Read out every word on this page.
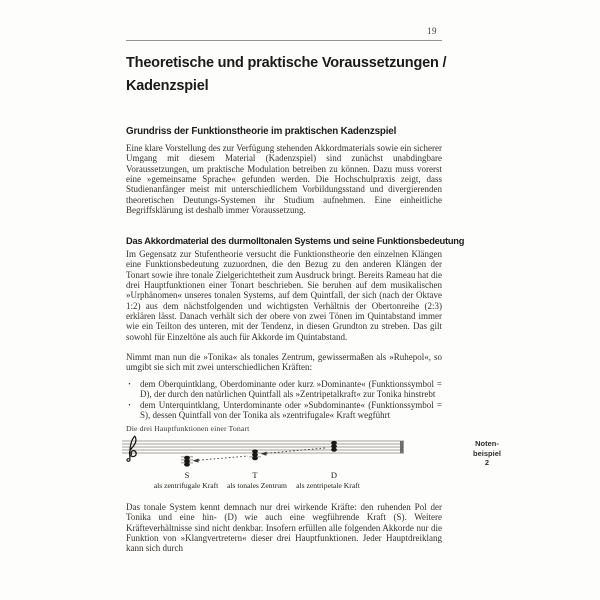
19
Theoretische und praktische Voraussetzungen /
Kadenzspiel
Grundriss der Funktionstheorie im praktischen Kadenzspiel

Eine klare Vorstellung des zur Verfügung stehenden Akkordmaterials sowie ein sicherer Umgang mit diesem Material (Kadenzspiel) sind zunächst unabdingbare Voraussetzungen, um praktische Modulation betreiben zu können. Dazu muss vorerst eine »gemeinsame Sprache« gefunden werden. Die Hochschulpraxis zeigt, dass Studienanfänger meist mit unterschiedlichem Vorbildungsstand und divergierenden theoretischen Deutungs-Systemen ihr Studium aufnehmen. Eine einheitliche Begriffsklärung ist deshalb immer Voraussetzung.

Das Akkordmaterial des durmolltonalen Systems und seine Funktionsbedeutung

Im Gegensatz zur Stufentheorie versucht die Funktionstheorie den einzelnen Klängen eine Funktionsbedeutung zuzuordnen, die den Bezug zu den anderen Klängen der Tonart sowie ihre tonale Zielgerichtetheit zum Ausdruck bringt. Bereits Rameau hat die drei Hauptfunktionen einer Tonart beschrieben. Sie beruhen auf dem musikalischen »Urphänomen« unseres tonalen Systems, auf dem Quintfall, der sich (nach der Oktave 1:2) aus dem nächstfolgenden und wichtigsten Verhältnis der Obertonreihe (2:3) erklären lässt. Danach verhält sich der obere von zwei Tönen im Quintabstand immer wie ein Teilton des unteren, mit der Tendenz, in diesen Grundton zu streben. Das gilt sowohl für Einzeltöne als auch für Akkorde im Quintabstand.

Nimmt man nun die »Tonika« als tonales Zentrum, gewissermaßen als »Ruhepol«, so umgibt sie sich mit zwei unterschiedlichen Kräften:

· dem Oberquintklang, Oberdominante oder kurz »Dominante« (Funktionssymbol = D), der durch den natürlichen Quintfall als »Zentripetalkraft« zur Tonika hinstrebt
· dem Unterquintklang, Unterdominante oder »Subdominante« (Funktionssymbol = S), dessen Quintfall von der Tonika als »zentrifugale« Kraft wegführt
Die drei Hauptfunktionen einer Tonart
S	T	D
als zentrifugale Kraft als tonales Zentrum als zentripetale Kraft
Noten-
beispiel
2

Das tonale System kennt demnach nur drei wirkende Kräfte: den ruhenden Pol der Tonika und eine hin- (D) wie auch eine wegführende Kraft (S). Weitere Kräfteverhältnisse sind nicht denkbar. Insofern erfüllen alle folgenden Akkorde nur die Funktion von »Klangvertretern« dieser drei Hauptfunktionen. Jeder Hauptdreiklang kann sich durch
